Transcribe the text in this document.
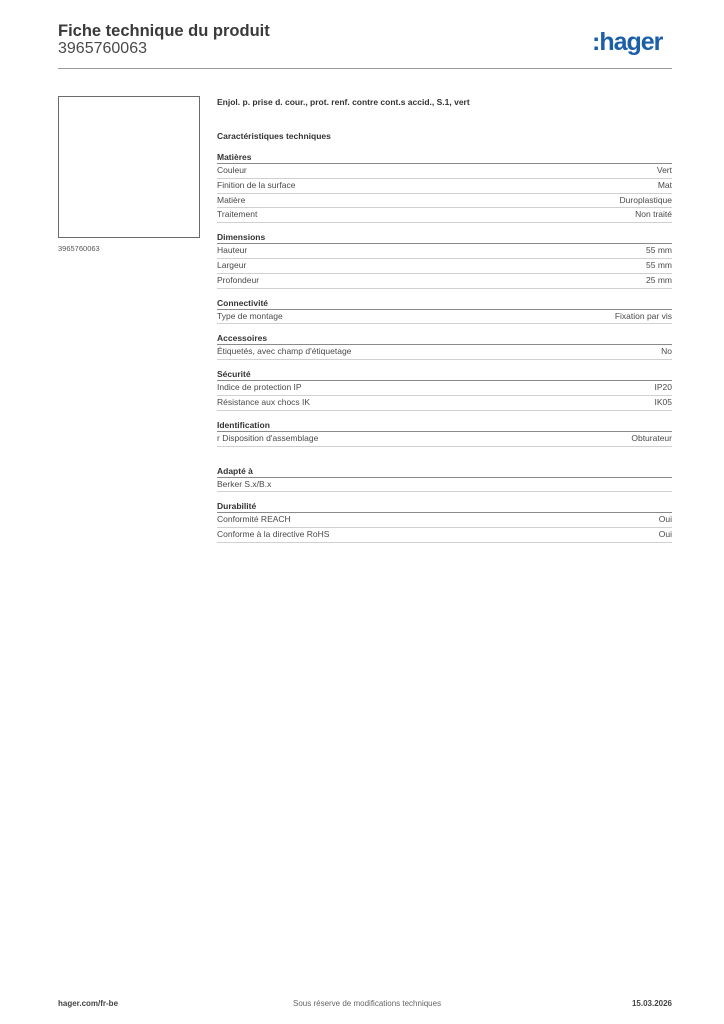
Fiche technique du produit
3965760063	:hager
3965760063
Enjol. p. prise d. cour., prot. renf. contre cont.s accid., S.1, vert
Caractéristiques techniques
Matières
Couleur	Vert
Finition de la surface	Mat
Matière	Duroplastique
Traitement	Non traité
Dimensions
Hauteur	55 mm
Largeur	55 mm
Profondeur	25 mm
Connectivité
Type de montage	Fixation par vis
Accessoires
Étiquetés, avec champ d'étiquetage	No
Sécurité
Indice de protection IP	IP20
Résistance aux chocs IK	IK05
Identification
r Disposition d'assemblage	Obturateur
Adapté à
Berker S.x/B.x
Durabilité
Conformité REACH	Oui
Conforme à la directive RoHS	Oui
hager.com/fr-be	Sous réserve de modifications techniques	15.03.2026
